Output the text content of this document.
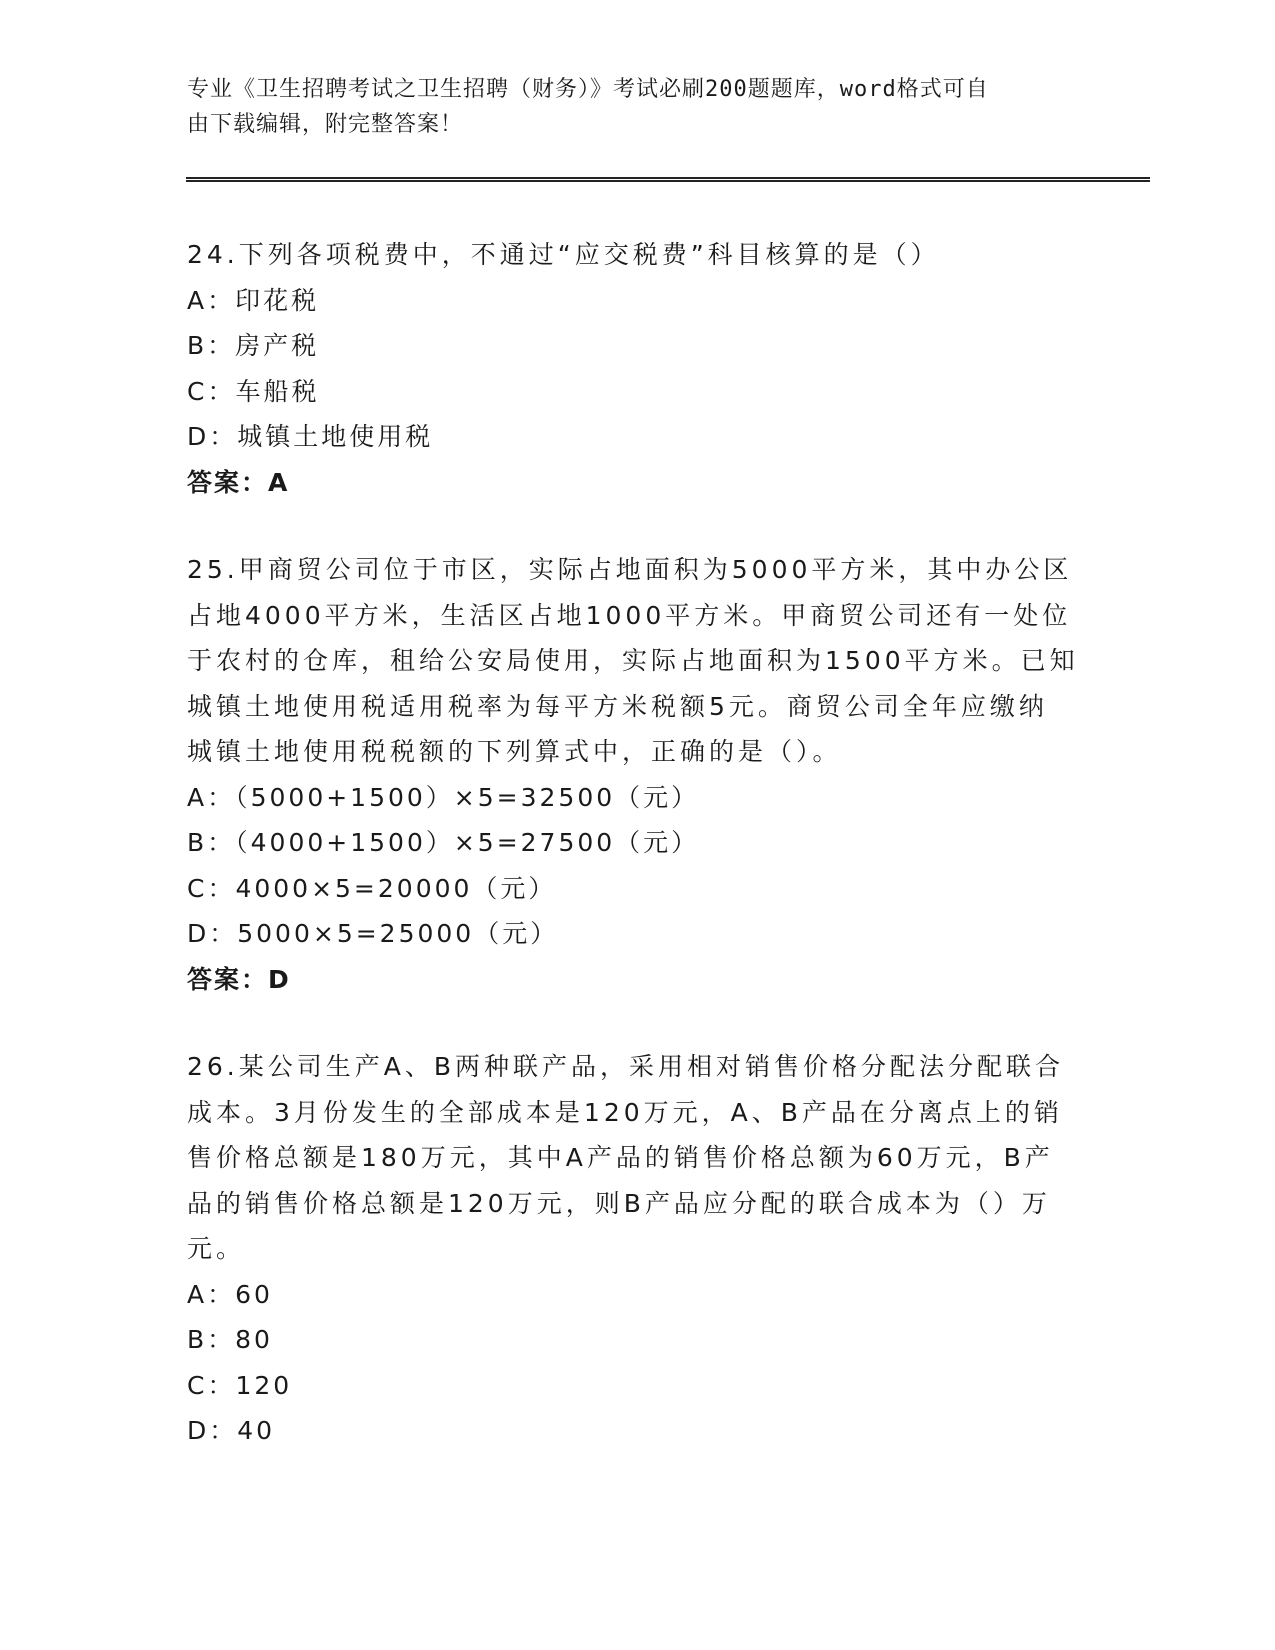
专业《卫生招聘考试之卫生招聘（财务）》考试必刷200题题库，word格式可自
由下载编辑，附完整答案！
24.下列各项税费中，不通过“应交税费”科目核算的是（）
A：印花税
B：房产税
C：车船税
D：城镇土地使用税
答案：A
25.甲商贸公司位于市区，实际占地面积为5000平方米，其中办公区
占地4000平方米，生活区占地1000平方米。甲商贸公司还有一处位
于农村的仓库，租给公安局使用，实际占地面积为1500平方米。已知
城镇土地使用税适用税率为每平方米税额5元。商贸公司全年应缴纳
城镇土地使用税税额的下列算式中，正确的是（）。
A：（5000+1500）×5=32500（元）
B：（4000+1500）×5=27500（元）
C：4000×5=20000（元）
D：5000×5=25000（元）
答案：D
26.某公司生产A、B两种联产品，采用相对销售价格分配法分配联合
成本。3月份发生的全部成本是120万元，A、B产品在分离点上的销
售价格总额是180万元，其中A产品的销售价格总额为60万元，B产
品的销售价格总额是120万元，则B产品应分配的联合成本为（）万
元。
A：60
B：80
C：120
D：40
